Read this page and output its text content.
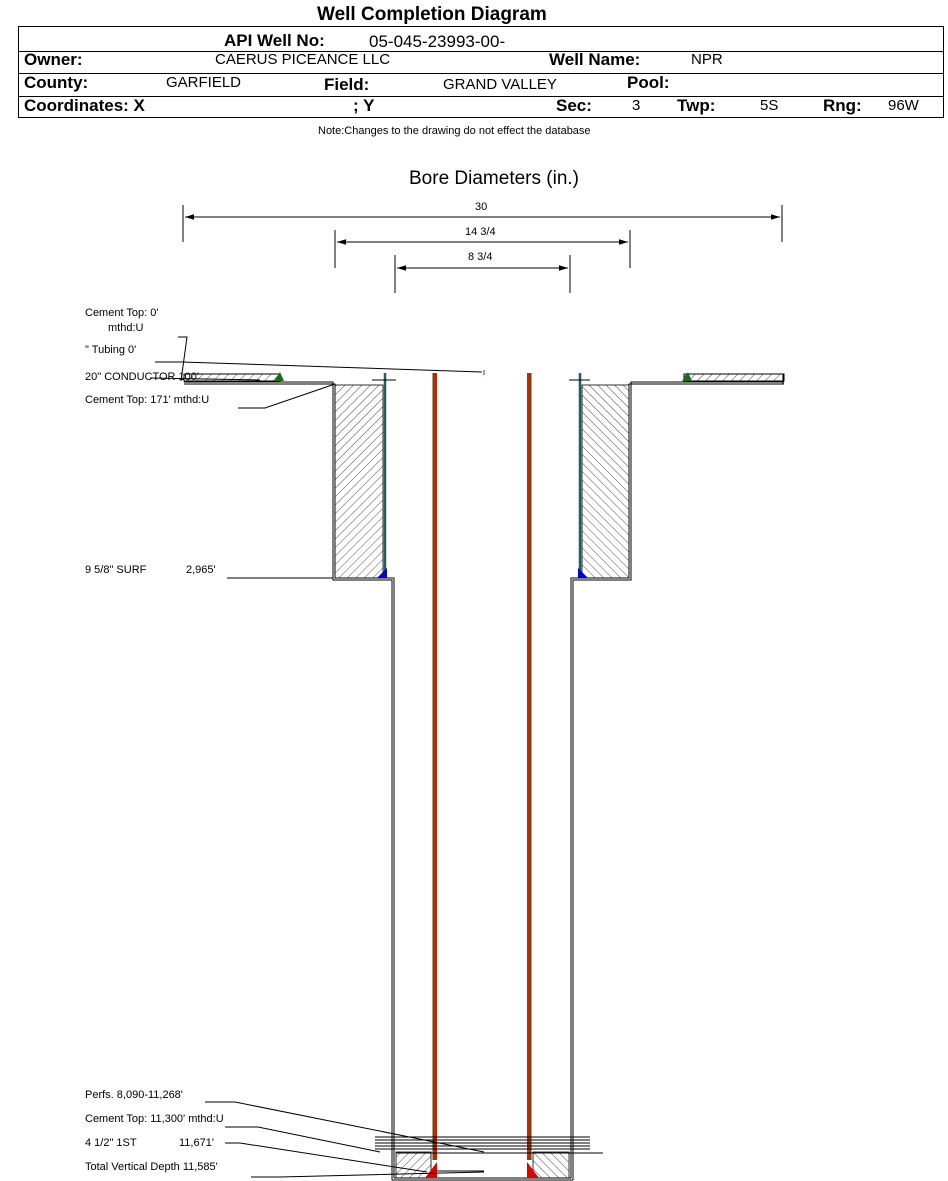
Well Completion Diagram
API Well No:	05-045-23993-00-
Owner:	CAERUS PICEANCE LLC	Well Name:	NPR
County:	GARFIELD	Field:	GRAND VALLEY	Pool:
Coordinates: X	; Y	Sec:	3 Twp:	5S	Rng: 96W
Note:Changes to the drawing do not effect the database
Bore Diameters (in.)
30
14 3/4
8 3/4
Cement Top: 0'
mthd:U
" Tubing 0'
20" CONDUCTOR 100'
Cement Top: 171' mthd:U
9 5/8" SURF	2,965'
Perfs. 8,090-11,268'
Cement Top: 11,300' mthd:U
4 1/2" 1ST	11,671'
Total Vertical Depth 11,585'
